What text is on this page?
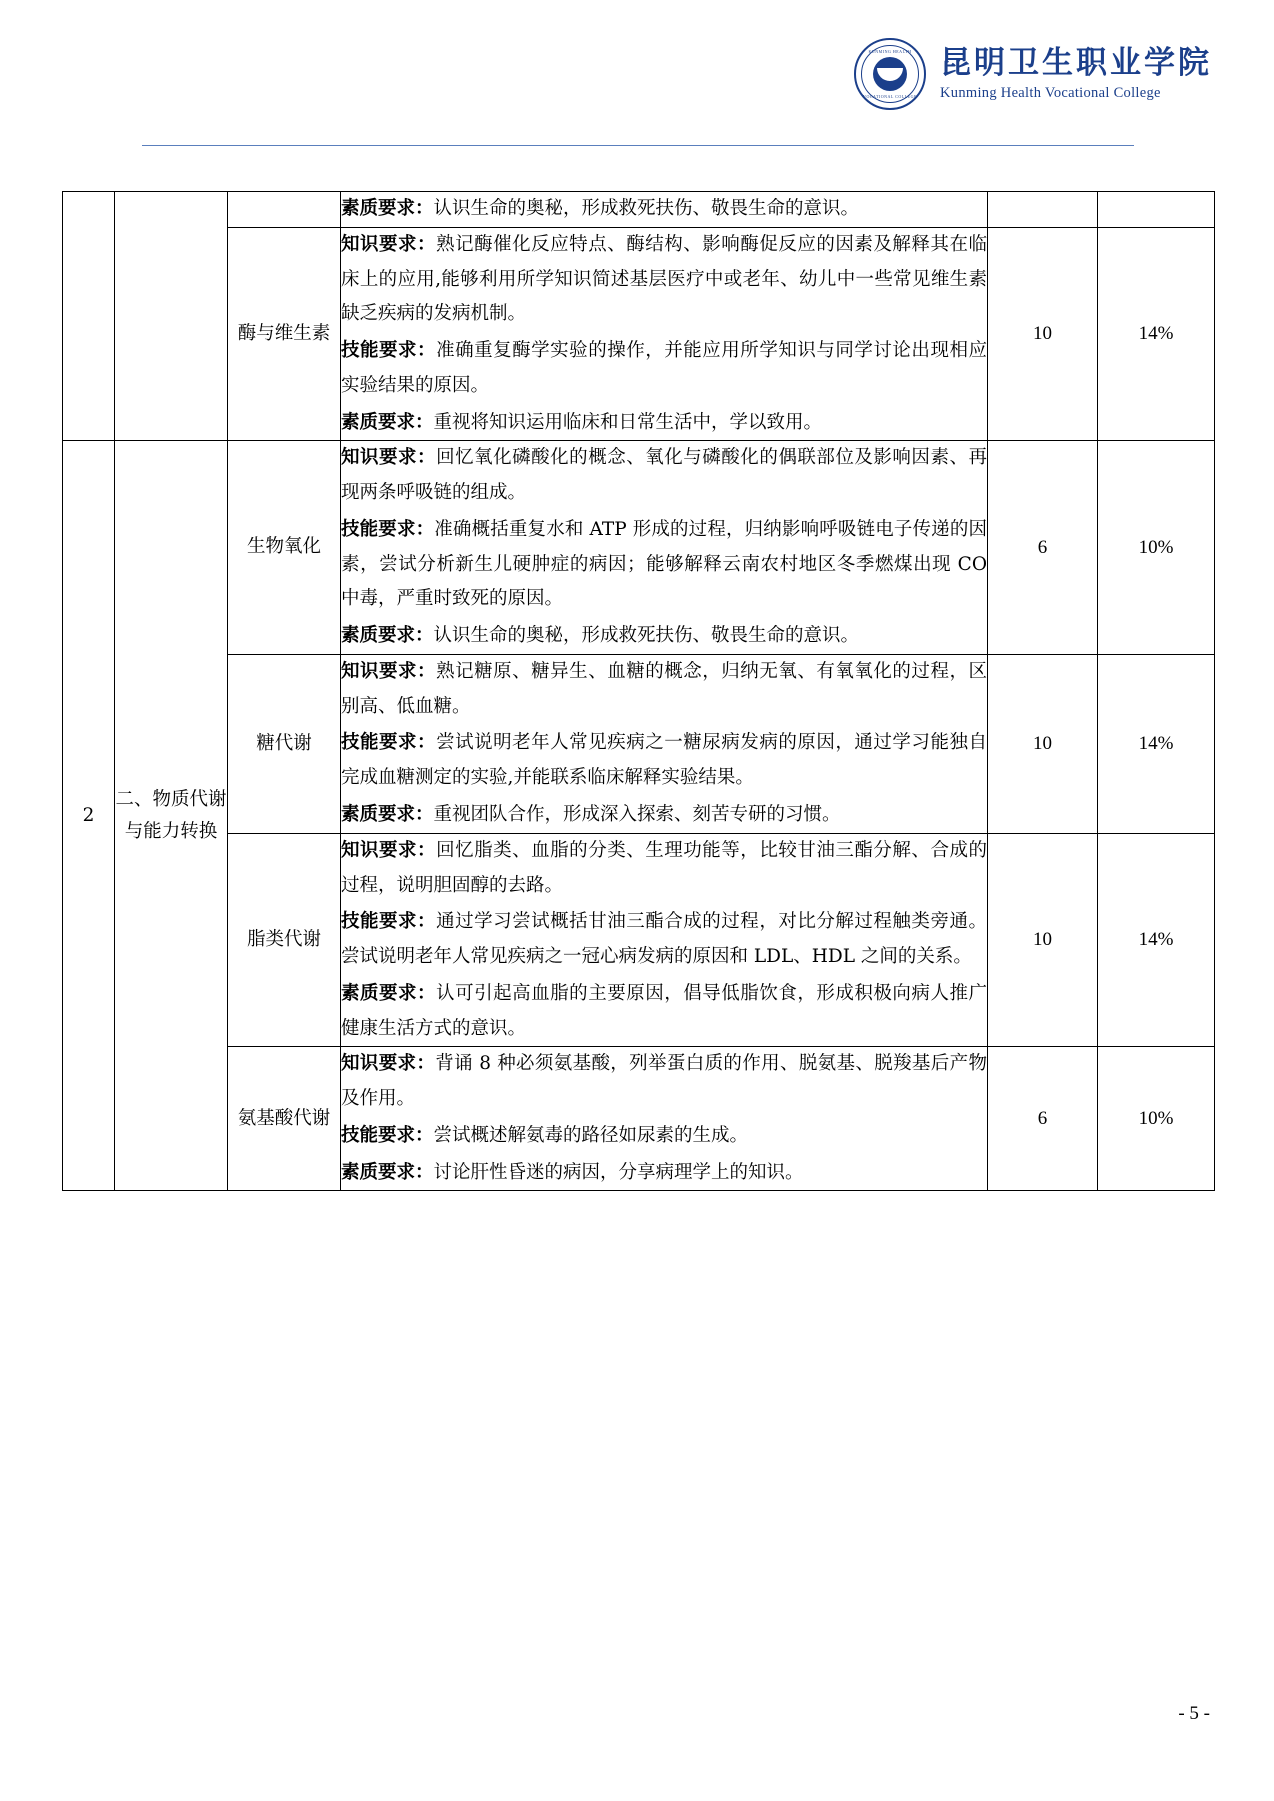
KUNMING HEALTH
VOCATIONAL COLLEGE
昆明卫生职业学院
Kunming Health Vocational College

			素质要求：认识生命的奥秘，形成救死扶伤、敬畏生命的意识。		

		酶与维生素	知识要求：熟记酶催化反应特点、酶结构、影响酶促反应的因素及解释其在临床上的应用,能够利用所学知识简述基层医疗中或老年、幼儿中一些常见维生素缺乏疾病的发病机制。

技能要求：准确重复酶学实验的操作，并能应用所学知识与同学讨论出现相应实验结果的原因。

素质要求：重视将知识运用临床和日常生活中，学以致用。	10	14%
2	二、物质代谢与能力转换	生物氧化	知识要求：回忆氧化磷酸化的概念、氧化与磷酸化的偶联部位及影响因素、再现两条呼吸链的组成。

技能要求：准确概括重复水和 ATP 形成的过程，归纳影响呼吸链电子传递的因素，尝试分析新生儿硬肿症的病因；能够解释云南农村地区冬季燃煤出现 CO 中毒，严重时致死的原因。

素质要求：认识生命的奥秘，形成救死扶伤、敬畏生命的意识。	6	10%
		糖代谢	知识要求：熟记糖原、糖异生、血糖的概念，归纳无氧、有氧氧化的过程，区别高、低血糖。

技能要求：尝试说明老年人常见疾病之一糖尿病发病的原因，通过学习能独自完成血糖测定的实验,并能联系临床解释实验结果。

素质要求：重视团队合作，形成深入探索、刻苦专研的习惯。	10	14%
		脂类代谢	知识要求：回忆脂类、血脂的分类、生理功能等，比较甘油三酯分解、合成的过程，说明胆固醇的去路。

技能要求：通过学习尝试概括甘油三酯合成的过程，对比分解过程触类旁通。尝试说明老年人常见疾病之一冠心病发病的原因和 LDL、HDL 之间的关系。

素质要求：认可引起高血脂的主要原因，倡导低脂饮食，形成积极向病人推广健康生活方式的意识。	10	14%
		氨基酸代谢	知识要求：背诵 8 种必须氨基酸，列举蛋白质的作用、脱氨基、脱羧基后产物及作用。

技能要求：尝试概述解氨毒的路径如尿素的生成。

素质要求：讨论肝性昏迷的病因，分享病理学上的知识。	6	10%
- 5 -
